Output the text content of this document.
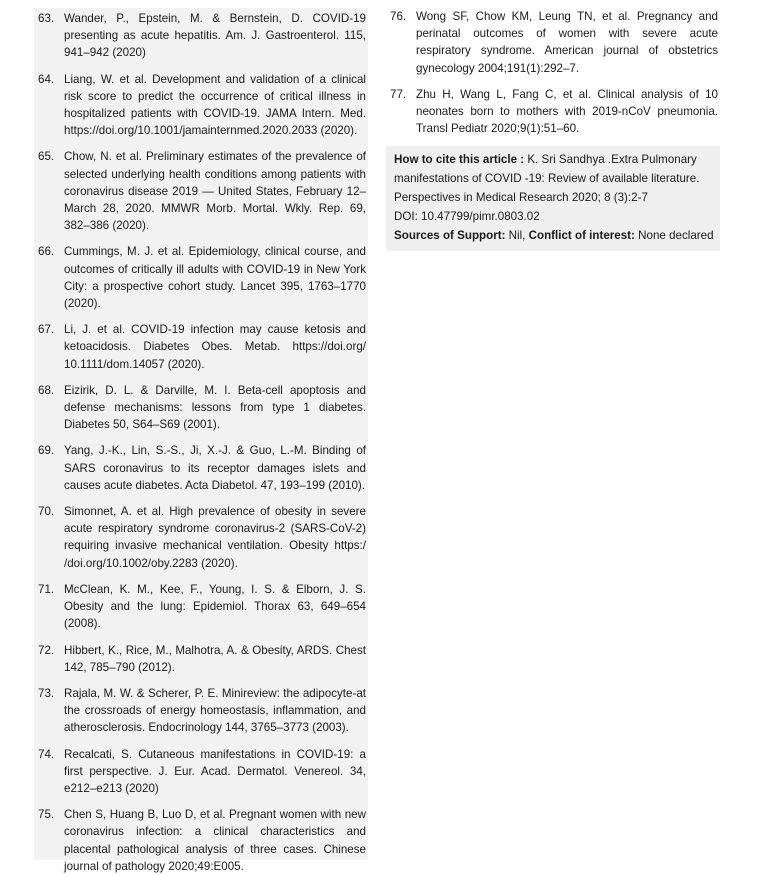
63. Wander, P., Epstein, M. & Bernstein, D. COVID-19 presenting as acute hepatitis. Am. J. Gastroenterol. 115, 941–942 (2020)
64. Liang, W. et al. Development and validation of a clinical risk score to predict the occurrence of critical illness in hospitalized patients with COVID-19. JAMA Intern. Med. https://doi.org/10.1001/jamainternmed.2020.2033 (2020).
65. Chow, N. et al. Preliminary estimates of the prevalence of selected underlying health conditions among patients with coronavirus disease 2019 — United States, February 12–March 28, 2020. MMWR Morb. Mortal. Wkly. Rep. 69, 382–386 (2020).
66. Cummings, M. J. et al. Epidemiology, clinical course, and outcomes of critically ill adults with COVID-19 in New York City: a prospective cohort study. Lancet 395, 1763–1770 (2020).
67. Li, J. et al. COVID-19 infection may cause ketosis and ketoacidosis. Diabetes Obes. Metab. https://doi.org/ 10.1111/dom.14057 (2020).
68. Eizirik, D. L. & Darville, M. I. Beta-cell apoptosis and defense mechanisms: lessons from type 1 diabetes. Diabetes 50, S64–S69 (2001).
69. Yang, J.-K., Lin, S.-S., Ji, X.-J. & Guo, L.-M. Binding of SARS coronavirus to its receptor damages islets and causes acute diabetes. Acta Diabetol. 47, 193–199 (2010).
70. Simonnet, A. et al. High prevalence of obesity in severe acute respiratory syndrome coronavirus-2 (SARS-CoV-2) requiring invasive mechanical ventilation. Obesity https:/ /doi.org/10.1002/oby.2283 (2020).
71. McClean, K. M., Kee, F., Young, I. S. & Elborn, J. S. Obesity and the lung: Epidemiol. Thorax 63, 649–654 (2008).
72. Hibbert, K., Rice, M., Malhotra, A. & Obesity, ARDS. Chest 142, 785–790 (2012).
73. Rajala, M. W. & Scherer, P. E. Minireview: the adipocyte-at the crossroads of energy homeostasis, inflammation, and atherosclerosis. Endocrinology 144, 3765–3773 (2003).
74. Recalcati, S. Cutaneous manifestations in COVID-19: a first perspective. J. Eur. Acad. Dermatol. Venereol. 34, e212–e213 (2020)
75. Chen S, Huang B, Luo D, et al. Pregnant women with new coronavirus infection: a clinical characteristics and placental pathological analysis of three cases. Chinese journal of pathology 2020;49:E005.
76. Wong SF, Chow KM, Leung TN, et al. Pregnancy and perinatal outcomes of women with severe acute respiratory syndrome. American journal of obstetrics gynecology 2004;191(1):292–7.
77. Zhu H, Wang L, Fang C, et al. Clinical analysis of 10 neonates born to mothers with 2019-nCoV pneumonia. Transl Pediatr 2020;9(1):51–60.
How to cite this article : K. Sri Sandhya .Extra Pulmonary manifestations of COVID -19: Review of available literature. Perspectives in Medical Research 2020; 8 (3):2-7
DOI: 10.47799/pimr.0803.02
Sources of Support: Nil, Conflict of interest: None declared
